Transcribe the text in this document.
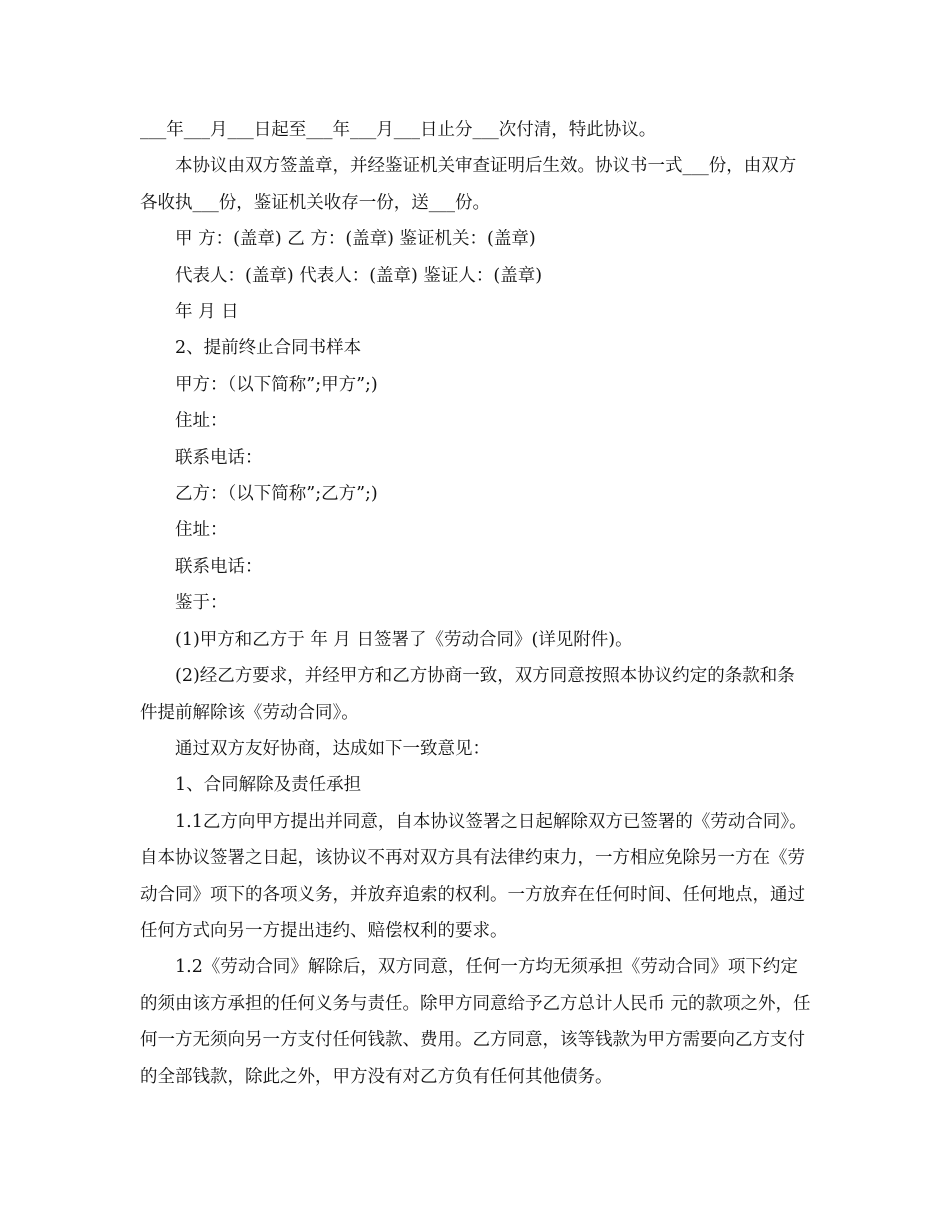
___年___月___日起至___年___月___日止分___次付清，特此协议。

本协议由双方签盖章，并经鉴证机关审查证明后生效。协议书一式___份，由双方各收执___份，鉴证机关收存一份，送___份。

甲 方：(盖章) 乙 方：(盖章) 鉴证机关：(盖章)

代表人：(盖章) 代表人：(盖章) 鉴证人：(盖章)

年 月 日

2、提前终止合同书样本

甲方：（以下简称”;甲方”;)

住址：

联系电话：

乙方：（以下简称”;乙方”;)

住址：

联系电话：

鉴于：

(1)甲方和乙方于 年 月 日签署了《劳动合同》(详见附件)。

(2)经乙方要求，并经甲方和乙方协商一致，双方同意按照本协议约定的条款和条件提前解除该《劳动合同》。

通过双方友好协商，达成如下一致意见：

1、合同解除及责任承担

1.1乙方向甲方提出并同意，自本协议签署之日起解除双方已签署的《劳动合同》。自本协议签署之日起，该协议不再对双方具有法律约束力，一方相应免除另一方在《劳动合同》项下的各项义务，并放弃追索的权利。一方放弃在任何时间、任何地点，通过任何方式向另一方提出违约、赔偿权利的要求。

1.2《劳动合同》解除后，双方同意，任何一方均无须承担《劳动合同》项下约定的须由该方承担的任何义务与责任。除甲方同意给予乙方总计人民币 元的款项之外，任何一方无须向另一方支付任何钱款、费用。乙方同意，该等钱款为甲方需要向乙方支付的全部钱款，除此之外，甲方没有对乙方负有任何其他债务。
